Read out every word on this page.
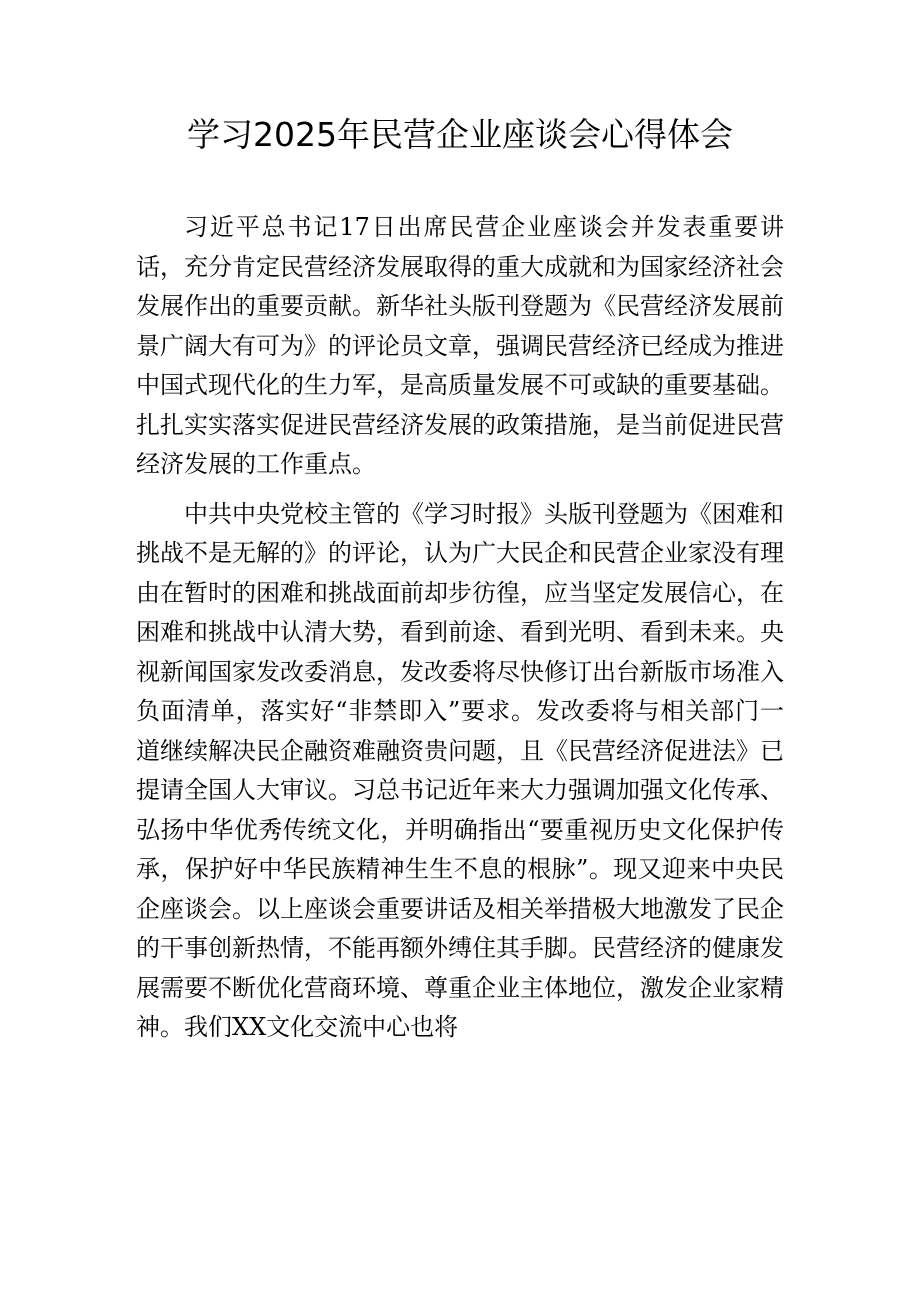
学习2025年民营企业座谈会心得体会

习近平总书记17日出席民营企业座谈会并发表重要讲话，充分肯定民营经济发展取得的重大成就和为国家经济社会发展作出的重要贡献。新华社头版刊登题为《民营经济发展前景广阔大有可为》的评论员文章，强调民营经济已经成为推进中国式现代化的生力军，是高质量发展不可或缺的重要基础。扎扎实实落实促进民营经济发展的政策措施，是当前促进民营经济发展的工作重点。

中共中央党校主管的《学习时报》头版刊登题为《困难和挑战不是无解的》的评论，认为广大民企和民营企业家没有理由在暂时的困难和挑战面前却步彷徨，应当坚定发展信心，在困难和挑战中认清大势，看到前途、看到光明、看到未来。央视新闻国家发改委消息，发改委将尽快修订出台新版市场准入负面清单，落实好“非禁即入”要求。发改委将与相关部门一道继续解决民企融资难融资贵问题，且《民营经济促进法》已提请全国人大审议。习总书记近年来大力强调加强文化传承、弘扬中华优秀传统文化，并明确指出“要重视历史文化保护传承，保护好中华民族精神生生不息的根脉”。现又迎来中央民企座谈会。以上座谈会重要讲话及相关举措极大地激发了民企的干事创新热情，不能再额外缚住其手脚。民营经济的健康发展需要不断优化营商环境、尊重企业主体地位，激发企业家精神。我们XX文化交流中心也将
